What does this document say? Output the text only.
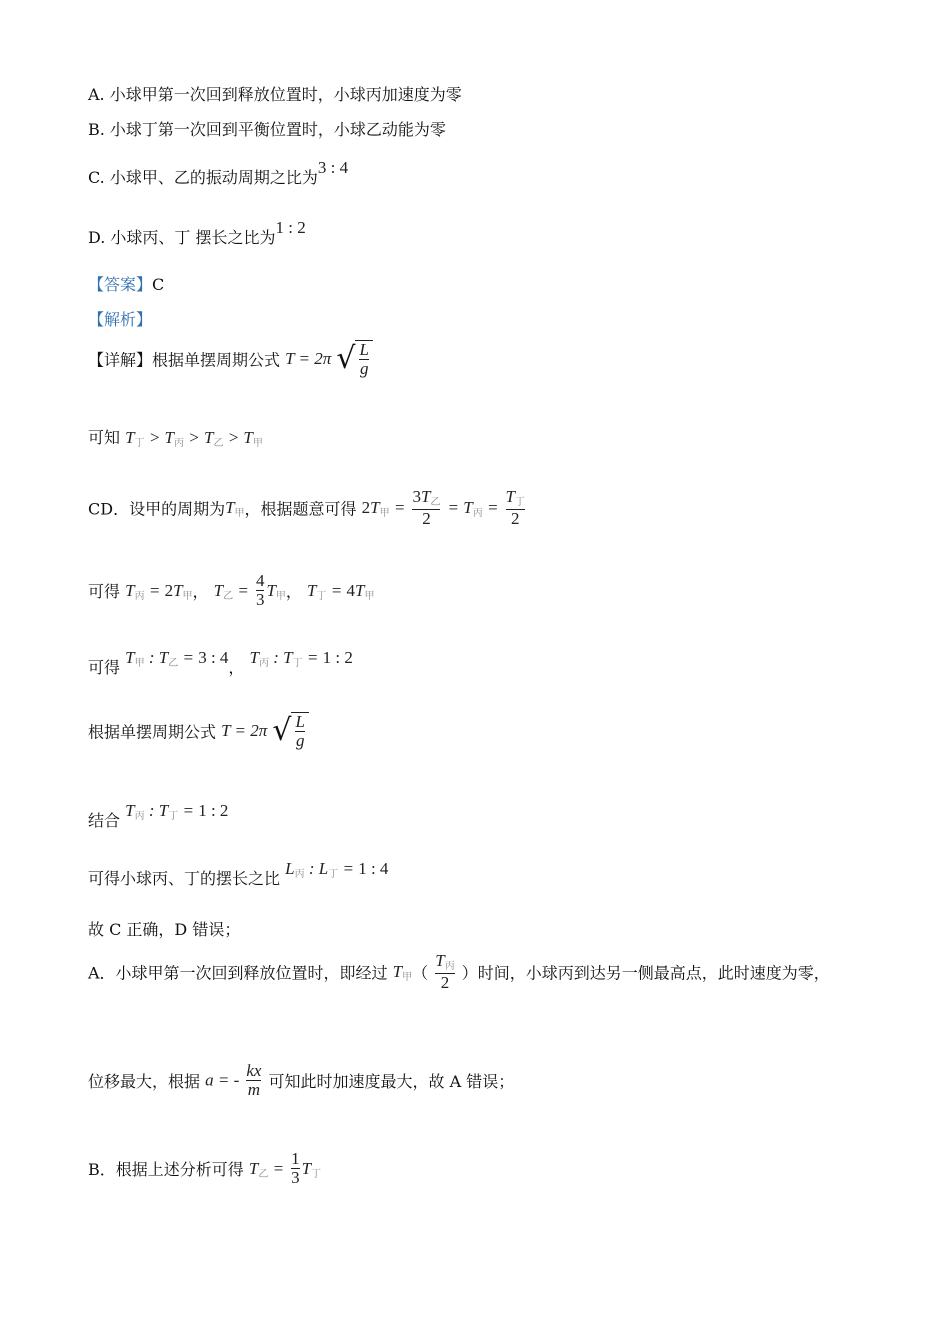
A. 小球甲第一次回到释放位置时，小球丙加速度为零
B. 小球丁第一次回到平衡位置时，小球乙动能为零
C. 小球甲、乙的振动周期之比为3 : 4
D. 小球丙、丁 摆长之比为1 : 2
【答案】C
【解析】
【详解】根据单摆周期公式 T = 2π √ $\frac{L}{g}$
可知 T丁 > T丙 > T乙 > T甲
CD．设甲的周期为T甲，根据题意可得 2T甲 = $\frac{\text{3T乙}}{2} = T$丙 = $\frac{\text{T丁}}{2}$
可得 T丙 = 2T甲， T乙 = $\frac{4}{3}$ T甲， T丁 = 4T甲
可得 T甲 : T乙 = 3 : 4， T丙 : T丁 = 1 : 2
根据单摆周期公式 T = 2π √ $\frac{L}{g}$
结合 T丙 : T丁 = 1 : 2
可得小球丙、丁的摆长之比 L丙 : L丁 = 1 : 4
故 C 正确，D 错误；
A．小球甲第一次回到释放位置时，即经过 T甲（ $\frac{\text{T丙}}{2}$ ）时间，小球丙到达另一侧最高点，此时速度为零，
位移最大，根据 a = - $\frac{kx}{m}$ 可知此时加速度最大，故 A 错误；
B．根据上述分析可得 T乙 = $\frac{1}{3}$ T丁
